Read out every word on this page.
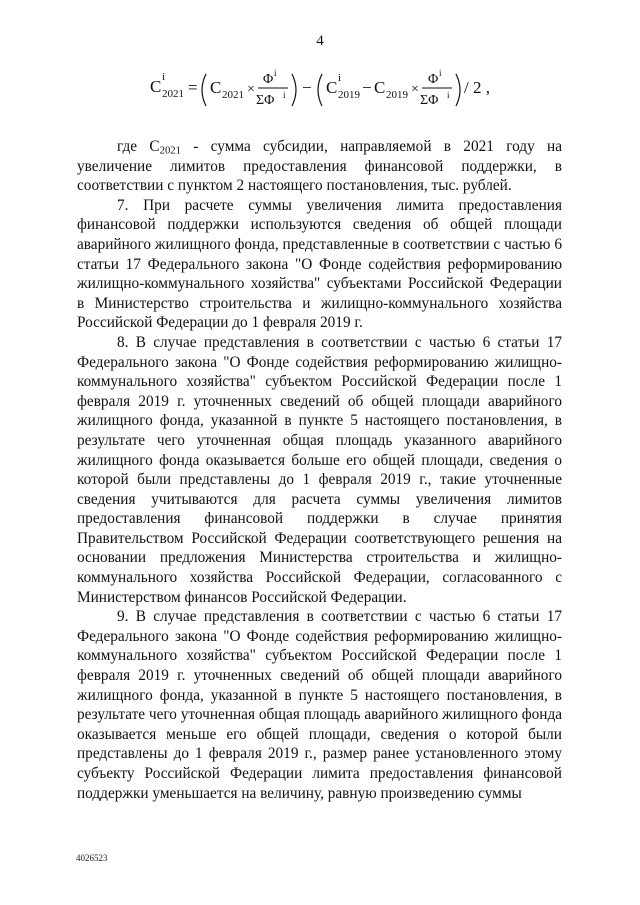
4
C i
2021 = C 2021 ×
Φ i
ΣΦ i − C i
2019 − C 2019 ×
Φ i
ΣΦ i / 2 ,

где $C_{2021}$ - сумма субсидии, направляемой в 2021 году на увеличение лимитов предоставления финансовой поддержки, в соответствии с пунктом 2 настоящего постановления, тыс. рублей.

7. При расчете суммы увеличения лимита предоставления финансовой поддержки используются сведения об общей площади аварийного жилищного фонда, представленные в соответствии с частью 6 статьи 17 Федерального закона "О Фонде содействия реформированию жилищно-коммунального хозяйства" субъектами Российской Федерации в Министерство строительства и жилищно-коммунального хозяйства Российской Федерации до 1 февраля 2019 г.

8. В случае представления в соответствии с частью 6 статьи 17 Федерального закона "О Фонде содействия реформированию жилищно-коммунального хозяйства" субъектом Российской Федерации после 1 февраля 2019 г. уточненных сведений об общей площади аварийного жилищного фонда, указанной в пункте 5 настоящего постановления, в результате чего уточненная общая площадь указанного аварийного жилищного фонда оказывается больше его общей площади, сведения о которой были представлены до 1 февраля 2019 г., такие уточненные сведения учитываются для расчета суммы увеличения лимитов предоставления финансовой поддержки в случае принятия Правительством Российской Федерации соответствующего решения на основании предложения Министерства строительства и жилищно-коммунального хозяйства Российской Федерации, согласованного с Министерством финансов Российской Федерации.

9. В случае представления в соответствии с частью 6 статьи 17 Федерального закона "О Фонде содействия реформированию жилищно-коммунального хозяйства" субъектом Российской Федерации после 1 февраля 2019 г. уточненных сведений об общей площади аварийного жилищного фонда, указанной в пункте 5 настоящего постановления, в результате чего уточненная общая площадь аварийного жилищного фонда оказывается меньше его общей площади, сведения о которой были представлены до 1 февраля 2019 г., размер ранее установленного этому субъекту Российской Федерации лимита предоставления финансовой поддержки уменьшается на величину, равную произведению суммы

4026523
